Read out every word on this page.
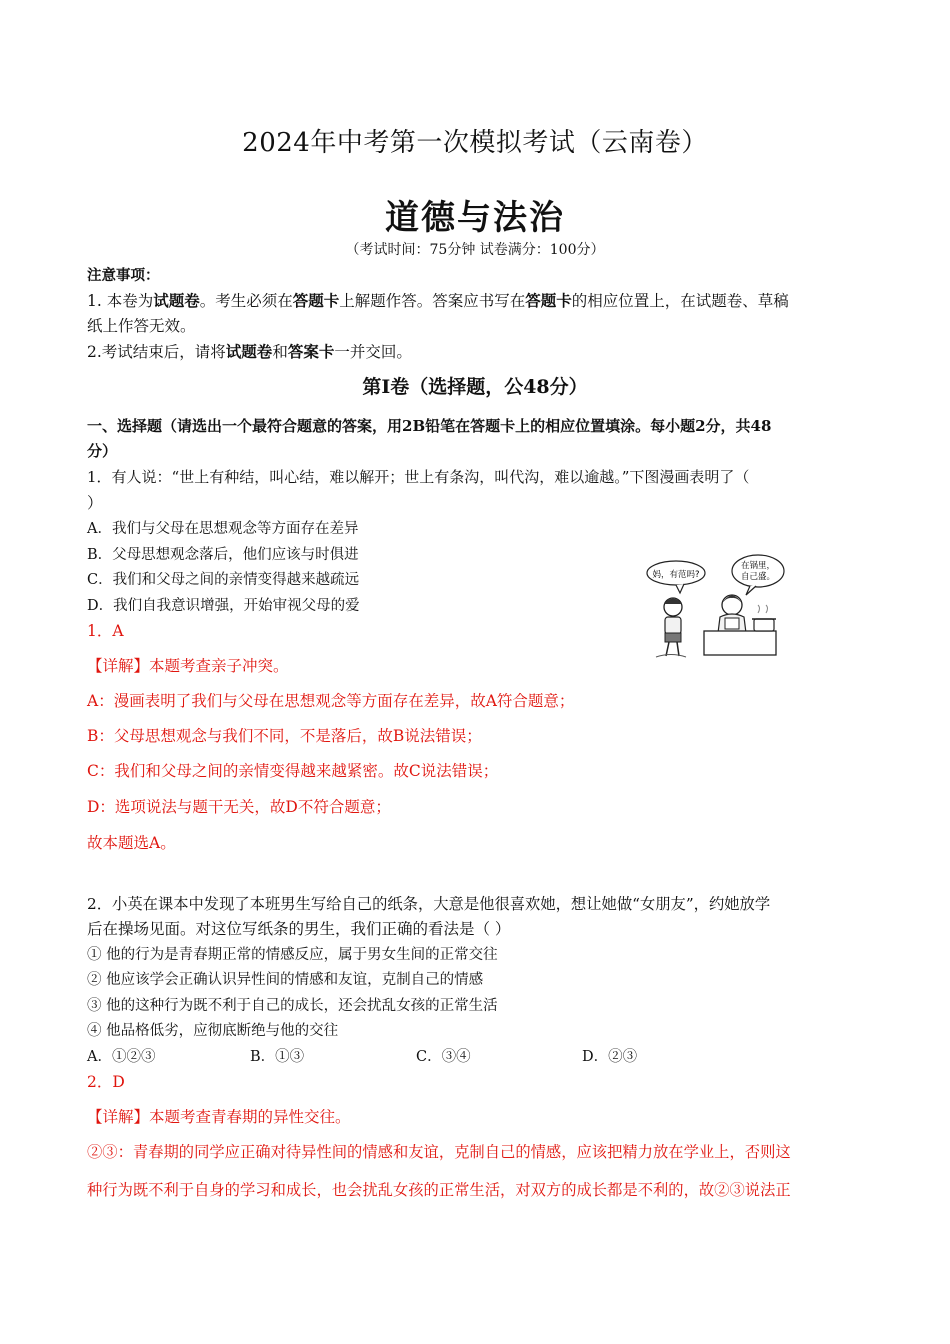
2024年中考第一次模拟考试（云南卷）
道德与法治
（考试时间：75分钟 试卷满分：100分）
注意事项：
1. 本卷为试题卷。考生必须在答题卡上解题作答。答案应书写在答题卡的相应位置上，在试题卷、草稿
纸上作答无效。
2.考试结束后，请将试题卷和答案卡一并交回。
第Ⅰ卷（选择题，公48分）
一、选择题（请选出一个最符合题意的答案，用2B铅笔在答题卡上的相应位置填涂。每小题2分，共48
分）
1．有人说：“世上有种结，叫心结，难以解开；世上有条沟，叫代沟，难以逾越。”下图漫画表明了（
）
A．我们与父母在思想观念等方面存在差异
B．父母思想观念落后，他们应该与时俱进
C．我们和父母之间的亲情变得越来越疏远
D．我们自我意识增强，开始审视父母的爱
1．A
妈，有范吗?
在锅里，
自己盛。
【详解】本题考查亲子冲突。
A：漫画表明了我们与父母在思想观念等方面存在差异，故A符合题意；
B：父母思想观念与我们不同，不是落后，故B说法错误；
C：我们和父母之间的亲情变得越来越紧密。故C说法错误；
D：选项说法与题干无关，故D不符合题意；
故本题选A。
2．小英在课本中发现了本班男生写给自己的纸条，大意是他很喜欢她，想让她做“女朋友”，约她放学
后在操场见面。对这位写纸条的男生，我们正确的看法是（ ）
① 他的行为是青春期正常的情感反应，属于男女生间的正常交往
② 他应该学会正确认识异性间的情感和友谊，克制自己的情感
③ 他的这种行为既不利于自己的成长，还会扰乱女孩的正常生活
④ 他品格低劣，应彻底断绝与他的交往
A．①②③	B．①③	C．③④	D．②③
2．D
【详解】本题考查青春期的异性交往。
②③：青春期的同学应正确对待异性间的情感和友谊，克制自己的情感，应该把精力放在学业上，否则这
种行为既不利于自身的学习和成长，也会扰乱女孩的正常生活，对双方的成长都是不利的，故②③说法正
